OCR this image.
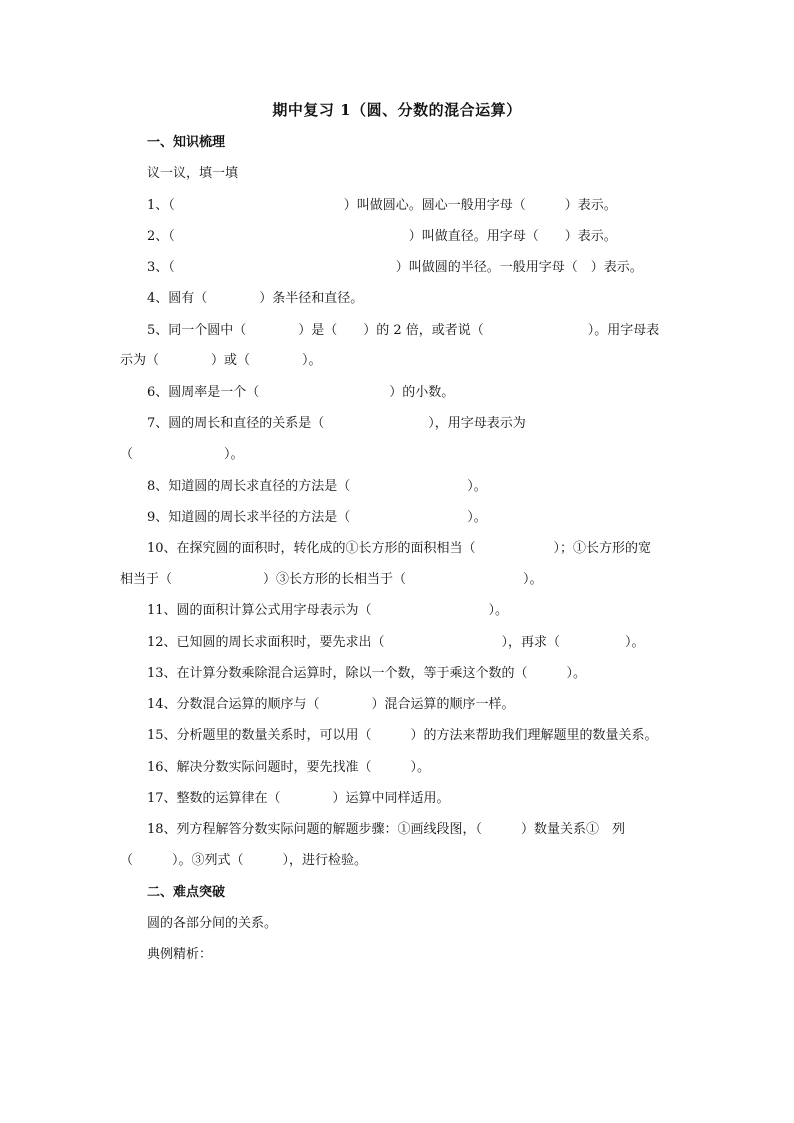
期中复习 1（圆、分数的混合运算）
一、知识梳理
议一议，填一填
1、（　　　　　　　　　　　　　）叫做圆心。圆心一般用字母（　　　）表示。
2、（　　　　　　　　　　　　　　　　　　）叫做直径。用字母（　　）表示。
3、（　　　　　　　　　　　　　　　　　）叫做圆的半径。一般用字母（　）表示。
4、圆有（　　　　）条半径和直径。
5、同一个圆中（　　　　）是（　　）的 2 倍，或者说（　　　　　　　　）。用字母表
示为（　　　　）或（　　　　）。
6、圆周率是一个（　　　　　　　　　　）的小数。
7、圆的周长和直径的关系是（　　　　　　　　），用字母表示为
（　　　　　　　）。
8、知道圆的周长求直径的方法是（　　　　　　　　　）。
9、知道圆的周长求半径的方法是（　　　　　　　　　）。
10、在探究圆的面积时，转化成的①长方形的面积相当（　　　　　　）；①长方形的宽
相当于（　　　　　　　）③长方形的长相当于（　　　　　　　　　）。
11、圆的面积计算公式用字母表示为（　　　　　　　　　）。
12、已知圆的周长求面积时，要先求出（　　　　　　　　　），再求（　　　　　）。
13、在计算分数乘除混合运算时，除以一个数，等于乘这个数的（　　　）。
14、分数混合运算的顺序与（　　　　）混合运算的顺序一样。
15、分析题里的数量关系时，可以用（　　　）的方法来帮助我们理解题里的数量关系。
16、解决分数实际问题时，要先找准（　　　）。
17、整数的运算律在（　　　　）运算中同样适用。
18、列方程解答分数实际问题的解题步骤：①画线段图，（　　　）数量关系①　列
（　　　）。③列式（　　　），进行检验。
二、难点突破
圆的各部分间的关系。
典例精析：
